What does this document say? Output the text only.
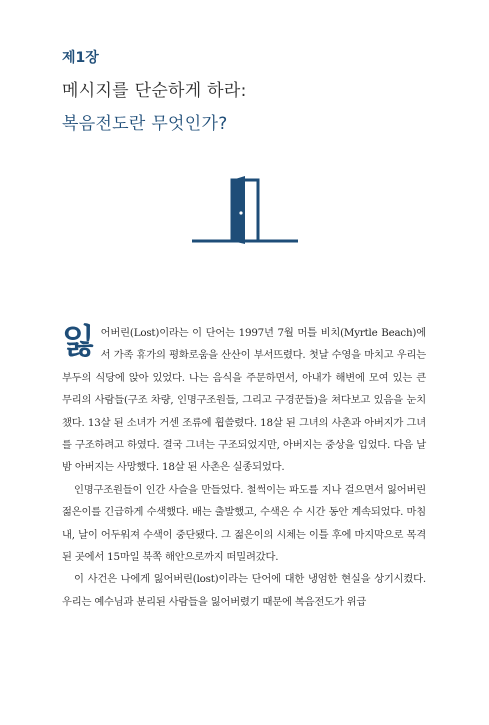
제1장
메시지를 단순하게 하라:
복음전도란 무엇인가?

잃어버린(Lost)이라는 이 단어는 1997년 7월 머틀 비치(Myrtle Beach)에서 가족 휴가의 평화로움을 산산이 부서뜨렸다. 첫날 수영을 마치고 우리는 부두의 식당에 앉아 있었다. 나는 음식을 주문하면서, 아내가 해변에 모여 있는 큰 무리의 사람들(구조 차량, 인명구조원들, 그리고 구경꾼들)을 쳐다보고 있음을 눈치챘다. 13살 된 소녀가 거센 조류에 휩쓸렸다. 18살 된 그녀의 사촌과 아버지가 그녀를 구조하려고 하였다. 결국 그녀는 구조되었지만, 아버지는 중상을 입었다. 다음 날 밤 아버지는 사망했다. 18살 된 사촌은 실종되었다.

인명구조원들이 인간 사슬을 만들었다. 철썩이는 파도를 지나 걸으면서 잃어버린 젊은이를 긴급하게 수색했다. 배는 출발했고, 수색은 수 시간 동안 계속되었다. 마침내, 날이 어두워져 수색이 중단됐다. 그 젊은이의 시체는 이틀 후에 마지막으로 목격된 곳에서 15마일 북쪽 해안으로까지 떠밀려갔다.

이 사건은 나에게 잃어버린(lost)이라는 단어에 대한 냉엄한 현실을 상기시켰다. 우리는 예수님과 분리된 사람들을 잃어버렸기 때문에 복음전도가 위급
